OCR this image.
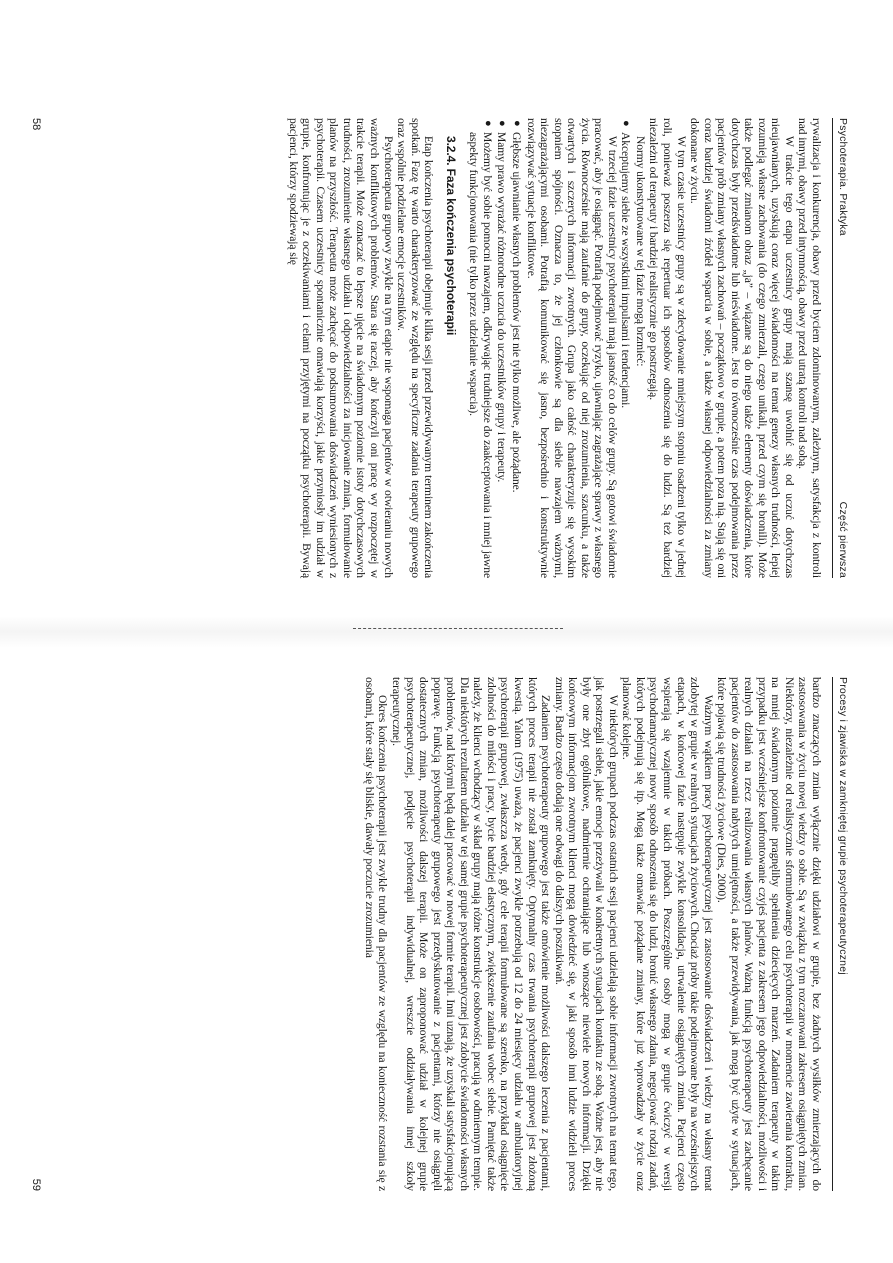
Psychoterapia. Praktyka
Część pierwsza

rywalizacja i konkurencja, obawy przed byciem zdominowanym, zależnym, satysfakcja z kontroli nad innymi, obawy przed intymnością, obawy przed utratą kontroli nad sobą.

W trakcie tego etapu uczestnicy grupy mają szansę uwolnić się od uczuć dotychczas nieujawnianych, uzyskują coraz więcej świadomości na temat genezy własnych trudności, lepiej rozumieją własne zachowania (do czego zmierzali, czego unikali, przed czym się bronili). Może także podlegać zmianom obraz „ja” – wiązane są do niego także elementy doświadczenia, które dotychczas były przedświadome lub nieświadome. Jest to równocześnie czas podejmowania przez pacjentów prób zmiany własnych zachowań – początkowo w grupie, a potem poza nią. Stają się oni coraz bardziej świadomi źródeł wsparcia w sobie, a także własnej odpowiedzialności za zmiany dokonane w życiu.

W tym czasie uczestnicy grupy są w zdecydowanie mniejszym stopniu osadzeni tylko w jednej roli, ponieważ poszerza się repertuar ich sposobów odnoszenia się do ludzi. Są też bardziej niezależni od terapeuty i bardziej realistycznie go postrzegają.

Normy ukonstytuowane w tej fazie mogą brzmieć:

●
Akceptujemy siebie ze wszystkimi impulsami i tendencjami.

W trzeciej fazie uczestnicy psychoterapii mają jasność co do celów grupy. Są gotowi świadomie pracować, aby je osiągnąć. Potrafią podejmować ryzyko, ujawniając zagrażające sprawy z własnego życia. Równocześnie mają zaufanie do grupy, oczekując od niej zrozumienia, szacunku, a także otwartych i szczerych informacji zwrotnych. Grupa jako całość charakteryzuje się wysokim stopniem spójności. Oznacza to, że jej członkowie są dla siebie nawzajem ważnymi, niezagrażającymi osobami. Potrafią komunikować się jasno, bezpośrednio i konstruktywnie rozwiązywać sytuacje konfliktowe.

●
Głębsze ujawnianie własnych problemów jest nie tylko możliwe, ale pożądane.
●
Mamy prawo wyrażać różnorodne uczucia do uczestników grupy i terapeuty.
●
Możemy być sobie pomocni nawzajem, odkrywając trudniejsze do zaakceptowania i mniej jawne aspekty funkcjonowania (nie tylko przez udzielanie wsparcia).
3.2.4. Faza kończenia psychoterapii

Etap kończenia psychoterapii obejmuje kilka sesji przed przewidywanym terminem zakończenia spotkań. Fazę tę warto charakteryzować ze względu na specyficzne zadania terapeuty grupowego oraz wspólnie podzielane emocje uczestników.

Psychoterapeuta grupowy zwykle na tym etapie nie wspomaga pacjentów w otwieraniu nowych ważnych konfliktowych problemów. Stara się raczej, aby kończyli oni pracę wy rozpoczętej w trakcie terapii. Może oznaczać to lepsze ujęcie na świadomym poziomie istoty dotychczasowych trudności, zrozumienie własnego udziału i odpowiedzialności za inicjowanie zmian, formułowanie planów na przyszłość. Terapeuta może zachęcać do podsumowania doświadczeń wyniesionych z psychoterapii. Czasem uczestnicy spontanicznie omawiają korzyści, jakie przyniosły im udział w grupie, konfrontując je z oczekiwaniami i celami przyjętymi na początku psychoterapii. Bywają pacjenci, którzy spodziewają się

58
Procesy i zjawiska w zamkniętej grupie psychoterapeutycznej

bardzo znaczących zmian wyłącznie dzięki udziałowi w grupie, bez żadnych wysiłków zmierzających do zastosowania w życiu nowej wiedzy o sobie. Są w związku z tym rozczarowani zakresem osiągniętych zmian. Niektórzy, niezależnie od realistycznie sformułowanego celu psychoterapii w momencie zawierania kontraktu, na mniej świadomym poziomie pragnęliby spełnienia dziecięcych marzeń. Zadaniem terapeuty w takim przypadku jest wcześniejsze konfrontowanie czyjeś pacjenta z zakresem jego odpowiedzialności, możliwości i realnych działań na rzecz realizowania własnych planów. Ważną funkcją psychoterapeuty jest zachęcanie pacjentów do zastosowania nabytych umiejętności, a także przewidywania, jak mogą być użyte w sytuacjach, które pojawią się trudności życiowe (Dies, 2000).

Ważnym wątkiem pracy psychoterapeutycznej jest zastosowanie doświadczeń i wiedzy na własny temat zdobytej w grupie w realnych sytuacjach życiowych. Chociaż próby takie podejmowane były na wcześniejszych etapach, w końcowej fazie następuje zwykle konsolidacja, utrwalenie osiągniętych zmian. Pacjenci często wspierają się wzajemnie w takich próbach. Poszczególne osoby mogą w grupie ćwiczyć w wersji psychodramatycznej nowy sposób odnoszenia się do ludzi, bronić własnego zdania, negocjować rodzaj zadań, których podejmują się itp. Mogą także omawiać pożądane zmiany, które już wprowadzały w życie oraz planować kolejne.

W niektórych grupach podczas ostatnich sesji pacjenci udzielają sobie informacji zwrotnych na temat tego, jak postrzegali siebie, jakie emocje przeżywali w konkretnych sytuacjach kontaktu ze sobą. Ważne jest, aby nie były one zbyt ogólnikowe, nadmiernie ochraniające lub wnoszące niewiele nowych informacji. Dzięki końcowym informacjom zwrotnym klienci mogą dowiedzieć się, w jaki sposób inni ludzie widzieli proces zmiany. Bardzo często dodają one odwagi do dalszych poszukiwań.

Zadaniem psychoterapeuty grupowego jest także omówienie możliwości dalszego leczenia z pacjentami, których proces terapii nie został zamknięty. Optymalny czas trwania psychoterapii grupowej jest złożoną kwestią. Yalom (1975) uważa, że pacjenci zwykle potrzebują od 12 do 24 miesięcy udziału w ambulatoryjnej psychoterapii grupowej, zwłaszcza wtedy, gdy cele terapii formułowane są szeroko, na przykład osiągnięcie zdolności do miłości i pracy, bycie bardziej elastycznym, zwiększenie zaufania wobec siebie. Pamiętać także należy, że klienci wchodzący w skład grupy mają różne konstrukcje osobowości, pracują w odmiennym tempie. Dla niektórych rezultatem udziału w tej samej grupie psychoterapeutycznej jest zdobycie świadomości własnych problemów, nad którymi będą dalej pracować w nowej formie terapii. Inni uznają, że uzyskali satysfakcjonującą poprawę. Funkcją psychoterapeuty grupowego jest przedyskutowanie z pacjentami, którzy nie osiągnęli dostatecznych zmian, możliwości dalszej terapii. Może on zaproponować udział w kolejnej grupie psychoterapeutycznej, podjęcie psychoterapii indywidualnej, wreszcie oddziaływania innej szkoły terapeutycznej.

Okres kończenia psychoterapii jest zwykle trudny dla pacjentów ze względu na konieczność rozstania się z osobami, które stały się bliskie, dawały poczucie zrozumienia

59
